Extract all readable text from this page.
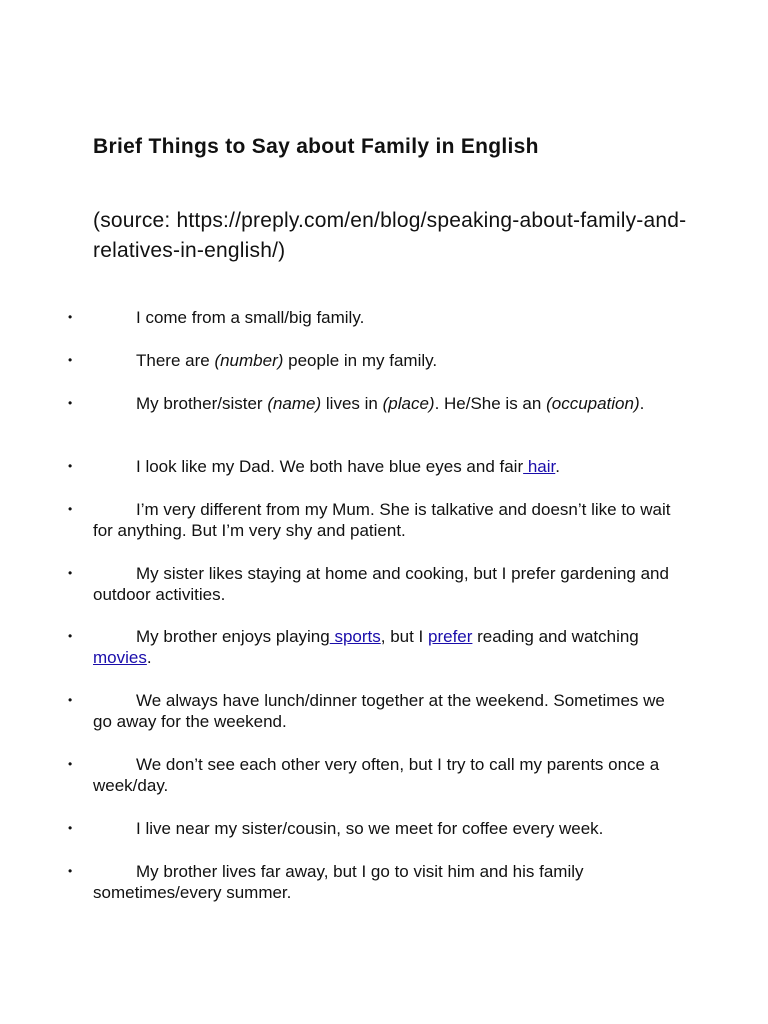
Brief Things to Say about Family in English

(source: https://preply.com/en/blog/speaking-about-family-and-relatives-in-english/)

•	I come from a small/big family.
•	There are (number) people in my family.
•	My brother/sister (name) lives in (place). He/She is an (occupation).
•	I look like my Dad. We both have blue eyes and fair hair.
•	I’m very different from my Mum. She is talkative and doesn’t like to wait for anything. But I’m very shy and patient.
•	My sister likes staying at home and cooking, but I prefer gardening and outdoor activities.
•	My brother enjoys playing sports, but I prefer reading and watching movies.
•	We always have lunch/dinner together at the weekend. Sometimes we go away for the weekend.
•	We don’t see each other very often, but I try to call my parents once a week/day.
•	I live near my sister/cousin, so we meet for coffee every week.
•	My brother lives far away, but I go to visit him and his family sometimes/every summer.
